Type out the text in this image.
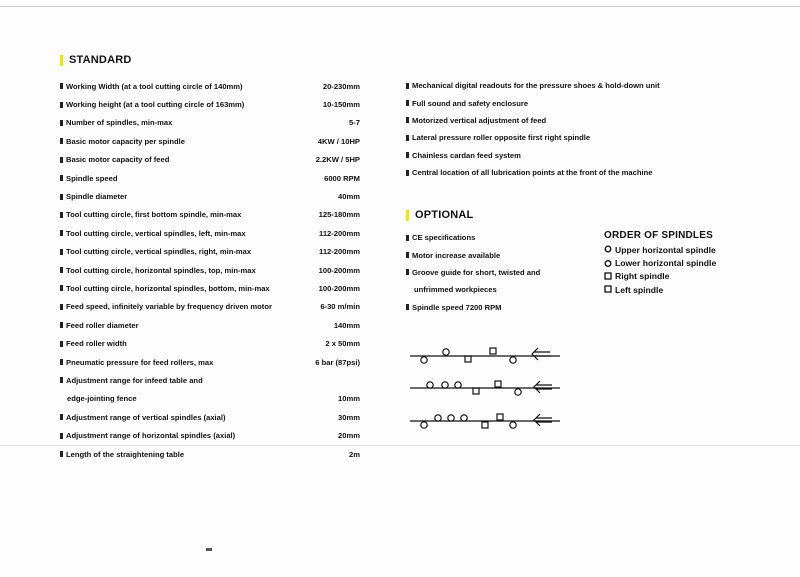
STANDARD
Working Width (at a tool cutting circle of 140mm)	20-230mm
Working height (at a tool cutting circle of 163mm)	10-150mm
Number of spindles, min-max	5-7
Basic motor capacity per spindle	4KW / 10HP
Basic motor capacity of feed	2.2KW / 5HP
Spindle speed	6000 RPM
Spindle diameter	40mm
Tool cutting circle, first bottom spindle, min-max	125-180mm
Tool cutting circle, vertical spindles, left, min-max	112-200mm
Tool cutting circle, vertical spindles, right, min-max	112-200mm
Tool cutting circle, horizontal spindles, top, min-max	100-200mm
Tool cutting circle, horizontal spindles, bottom, min-max	100-200mm
Feed speed, infinitely variable by frequency driven motor	6-30 m/min
Feed roller diameter	140mm
Feed roller width	2 x 50mm
Pneumatic pressure for feed rollers, max	6 bar (87psi)
Adjustment range for infeed table and
edge-jointing fence	10mm
Adjustment range of vertical spindles (axial)	30mm
Adjustment range of horizontal spindles (axial)	20mm
Length of the straightening table	2m
Mechanical digital readouts for the pressure shoes & hold-down unit
Full sound and safety enclosure
Motorized vertical adjustment of feed
Lateral pressure roller opposite first right spindle
Chainless cardan feed system
Central location of all lubrication points at the front of the machine
OPTIONAL
CE specifications
Motor increase available
Groove guide for short, twisted and
unfrimmed workpieces
Spindle speed 7200 RPM
ORDER OF SPINDLES
Upper horizontal spindle
Lower horizontal spindle
Right spindle
Left spindle
